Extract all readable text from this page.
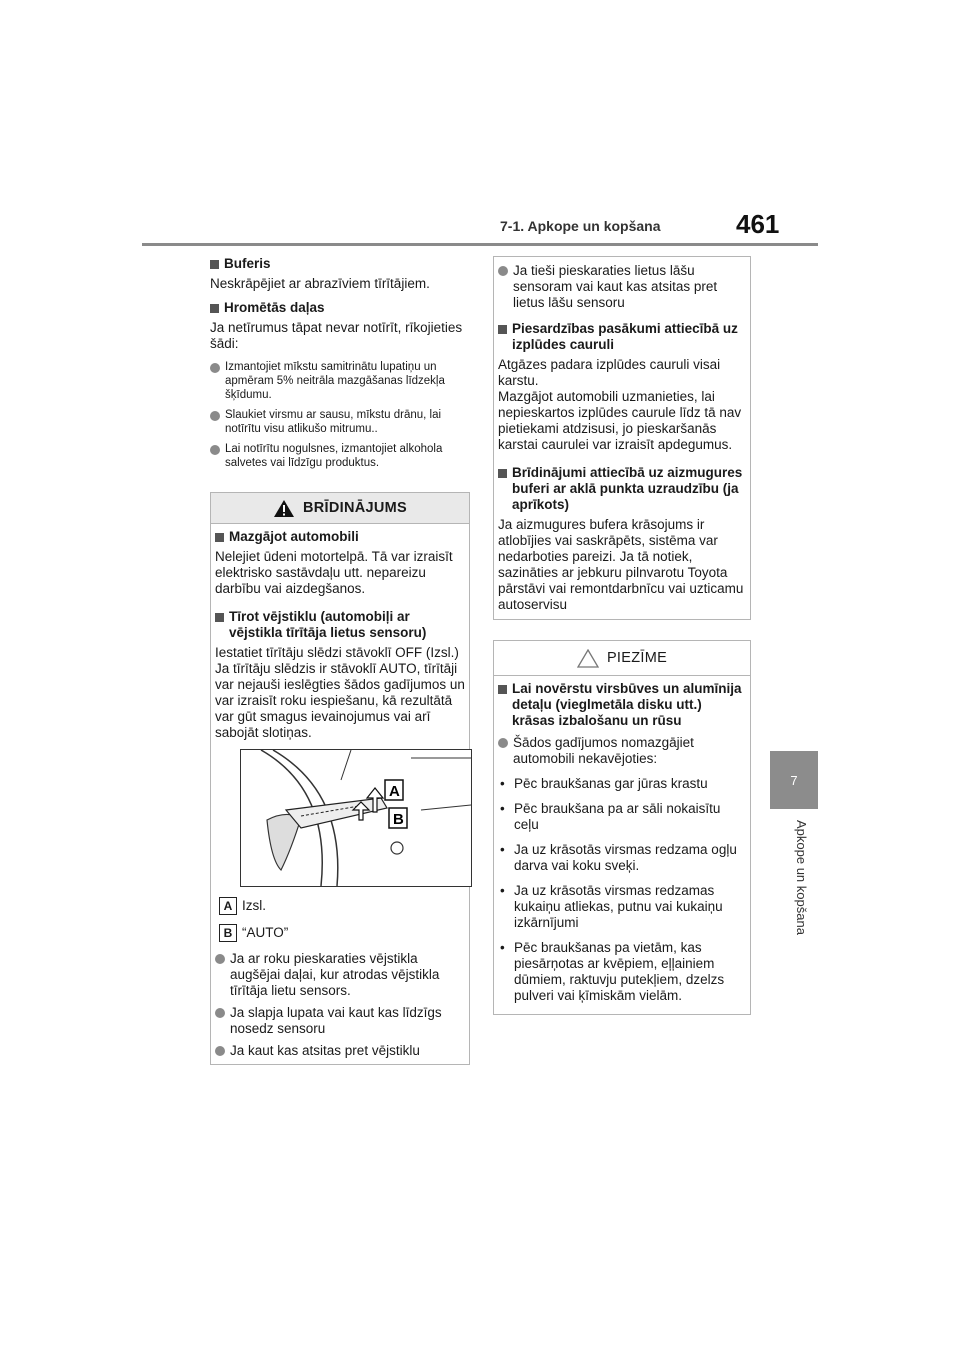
7-1. Apkope un kopšana	461
7
Apkope un kopšana
Buferis
Neskrāpējiet ar abrazīviem tīrītājiem.
Hromētās daļas
Ja netīrumus tāpat nevar notīrīt, rīkojieties šādi:
Izmantojiet mīkstu samitrinātu lupatiņu un apmēram 5% neitrāla mazgāšanas līdzekļa šķīdumu.
Slaukiet virsmu ar sausu, mīkstu drānu, lai notīrītu visu atlikušo mitrumu..
Lai notīrītu nogulsnes, izmantojiet alkohola salvetes vai līdzīgu produktus.
BRĪDINĀJUMS
Mazgājot automobili
Nelejiet ūdeni motortelpā. Tā var izraisīt elektrisko sastāvdaļu utt. nepareizu darbību vai aizdegšanos.
Tīrot vējstiklu (automobiļi ar vējstikla tīrītāja lietus sensoru)
Iestatiet tīrītāju slēdzi stāvoklī OFF (Izsl.) Ja tīrītāju slēdzis ir stāvoklī AUTO, tīrītāji var nejauši ieslēgties šādos gadījumos un var izraisīt roku iespiešanu, kā rezultātā var gūt smagus ievainojumus vai arī sabojāt slotiņas.
A
B
A Izsl.
B “AUTO”
Ja ar roku pieskaraties vējstikla augšējai daļai, kur atrodas vējstikla tīrītāja lietu sensors.
Ja slapja lupata vai kaut kas līdzīgs nosedz sensoru
Ja kaut kas atsitas pret vējstiklu
Ja tieši pieskaraties lietus lāšu sensoram vai kaut kas atsitas pret lietus lāšu sensoru
Piesardzības pasākumi attiecībā uz izplūdes cauruli
Atgāzes padara izplūdes cauruli visai karstu.
Mazgājot automobili uzmanieties, lai nepieskartos izplūdes caurule līdz tā nav pietiekami atdzisusi, jo pieskaršanās karstai caurulei var izraisīt apdegumus.
Brīdinājumi attiecībā uz aizmugures buferi ar aklā punkta uzraudzību (ja aprīkots)
Ja aizmugures bufera krāsojums ir atlobījies vai saskrāpēts, sistēma var nedarboties pareizi. Ja tā notiek, sazināties ar jebkuru pilnvarotu Toyota pārstāvi vai remontdarbnīcu vai uzticamu autoservisu
PIEZĪME
Lai novērstu virsbūves un alumīnija detaļu (vieglmetāla disku utt.) krāsas izbalošanu un rūsu
Šādos gadījumos nomazgājiet automobili nekavējoties:
• Pēc braukšanas gar jūras krastu
• Pēc braukšana pa ar sāli nokaisītu ceļu
• Ja uz krāsotās virsmas redzama ogļu darva vai koku sveķi.
• Ja uz krāsotās virsmas redzamas kukaiņu atliekas, putnu vai kukaiņu izkārnījumi
• Pēc braukšanas pa vietām, kas piesārņotas ar kvēpiem, eļļainiem dūmiem, raktuvju putekļiem, dzelzs pulveri vai ķīmiskām vielām.
